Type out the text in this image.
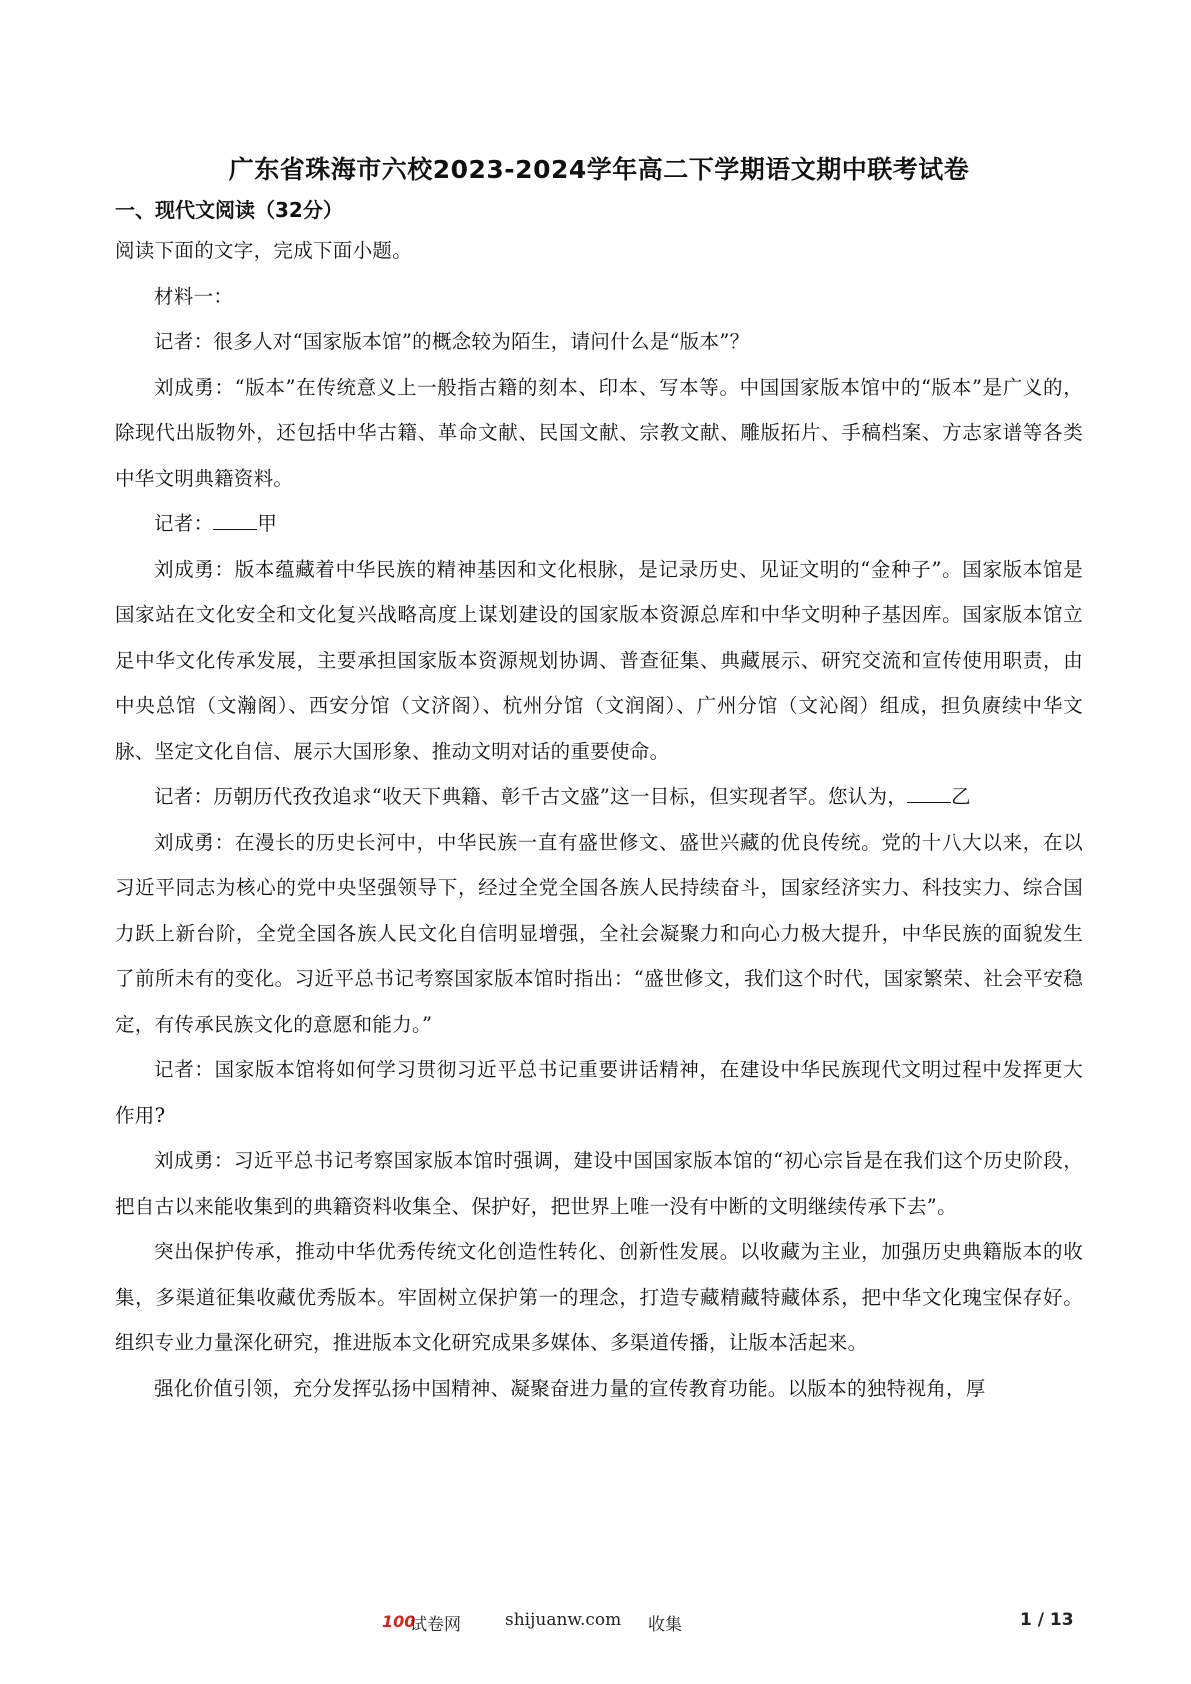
广东省珠海市六校2023-2024学年高二下学期语文期中联考试卷
一、现代文阅读（32分）

阅读下面的文字，完成下面小题。

材料一：

记者：很多人对“国家版本馆”的概念较为陌生，请问什么是“版本”？

刘成勇：“版本”在传统意义上一般指古籍的刻本、印本、写本等。中国国家版本馆中的“版本”是广义的，除现代出版物外，还包括中华古籍、革命文献、民国文献、宗教文献、雕版拓片、手稿档案、方志家谱等各类中华文明典籍资料。

记者： 甲

刘成勇：版本蕴藏着中华民族的精神基因和文化根脉，是记录历史、见证文明的“金种子”。国家版本馆是国家站在文化安全和文化复兴战略高度上谋划建设的国家版本资源总库和中华文明种子基因库。国家版本馆立足中华文化传承发展，主要承担国家版本资源规划协调、普查征集、典藏展示、研究交流和宣传使用职责，由中央总馆（文瀚阁）、西安分馆（文济阁）、杭州分馆（文润阁）、广州分馆（文沁阁）组成，担负赓续中华文脉、坚定文化自信、展示大国形象、推动文明对话的重要使命。

记者：历朝历代孜孜追求“收天下典籍、彰千古文盛”这一目标，但实现者罕。您认为， 乙

刘成勇：在漫长的历史长河中，中华民族一直有盛世修文、盛世兴藏的优良传统。党的十八大以来，在以习近平同志为核心的党中央坚强领导下，经过全党全国各族人民持续奋斗，国家经济实力、科技实力、综合国力跃上新台阶，全党全国各族人民文化自信明显增强，全社会凝聚力和向心力极大提升，中华民族的面貌发生了前所未有的变化。习近平总书记考察国家版本馆时指出：“盛世修文，我们这个时代，国家繁荣、社会平安稳定，有传承民族文化的意愿和能力。”

记者：国家版本馆将如何学习贯彻习近平总书记重要讲话精神，在建设中华民族现代文明过程中发挥更大作用?

刘成勇：习近平总书记考察国家版本馆时强调，建设中国国家版本馆的“初心宗旨是在我们这个历史阶段，把自古以来能收集到的典籍资料收集全、保护好，把世界上唯一没有中断的文明继续传承下去”。

突出保护传承，推动中华优秀传统文化创造性转化、创新性发展。以收藏为主业，加强历史典籍版本的收集，多渠道征集收藏优秀版本。牢固树立保护第一的理念，打造专藏精藏特藏体系，把中华文化瑰宝保存好。组织专业力量深化研究，推进版本文化研究成果多媒体、多渠道传播，让版本活起来。

强化价值引领，充分发挥弘扬中国精神、凝聚奋进力量的宣传教育功能。以版本的独特视角，厚

100
试卷网	shijuanw.com 收集	1 / 13
